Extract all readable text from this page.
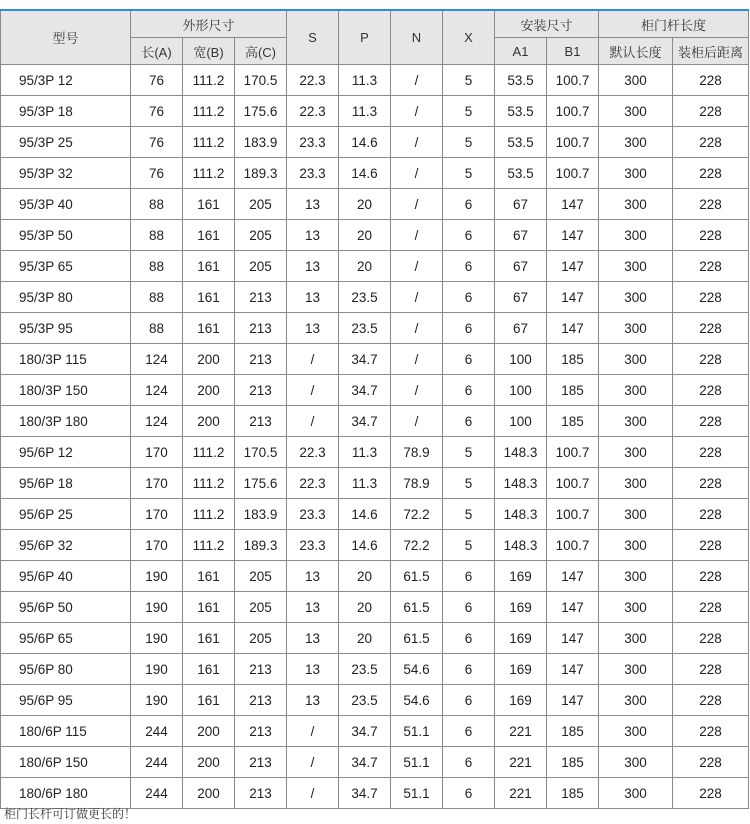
型号	外形尺寸			S	P	N	X	安装尺寸		柜门杆长度	
	长(A)	宽(B)	高(C)					A1	B1	默认长度	装柜后距离
95/3P 12	76	111.2	170.5	22.3	11.3	/	5	53.5	100.7	300	228
95/3P 18	76	111.2	175.6	22.3	11.3	/	5	53.5	100.7	300	228
95/3P 25	76	111.2	183.9	23.3	14.6	/	5	53.5	100.7	300	228
95/3P 32	76	111.2	189.3	23.3	14.6	/	5	53.5	100.7	300	228
95/3P 40	88	161	205	13	20	/	6	67	147	300	228
95/3P 50	88	161	205	13	20	/	6	67	147	300	228
95/3P 65	88	161	205	13	20	/	6	67	147	300	228
95/3P 80	88	161	213	13	23.5	/	6	67	147	300	228
95/3P 95	88	161	213	13	23.5	/	6	67	147	300	228
180/3P 115	124	200	213	/	34.7	/	6	100	185	300	228
180/3P 150	124	200	213	/	34.7	/	6	100	185	300	228
180/3P 180	124	200	213	/	34.7	/	6	100	185	300	228
95/6P 12	170	111.2	170.5	22.3	11.3	78.9	5	148.3	100.7	300	228
95/6P 18	170	111.2	175.6	22.3	11.3	78.9	5	148.3	100.7	300	228
95/6P 25	170	111.2	183.9	23.3	14.6	72.2	5	148.3	100.7	300	228
95/6P 32	170	111.2	189.3	23.3	14.6	72.2	5	148.3	100.7	300	228
95/6P 40	190	161	205	13	20	61.5	6	169	147	300	228
95/6P 50	190	161	205	13	20	61.5	6	169	147	300	228
95/6P 65	190	161	205	13	20	61.5	6	169	147	300	228
95/6P 80	190	161	213	13	23.5	54.6	6	169	147	300	228
95/6P 95	190	161	213	13	23.5	54.6	6	169	147	300	228
180/6P 115	244	200	213	/	34.7	51.1	6	221	185	300	228
180/6P 150	244	200	213	/	34.7	51.1	6	221	185	300	228
180/6P 180	244	200	213	/	34.7	51.1	6	221	185	300	228
柜门长杆可订做更长的！
